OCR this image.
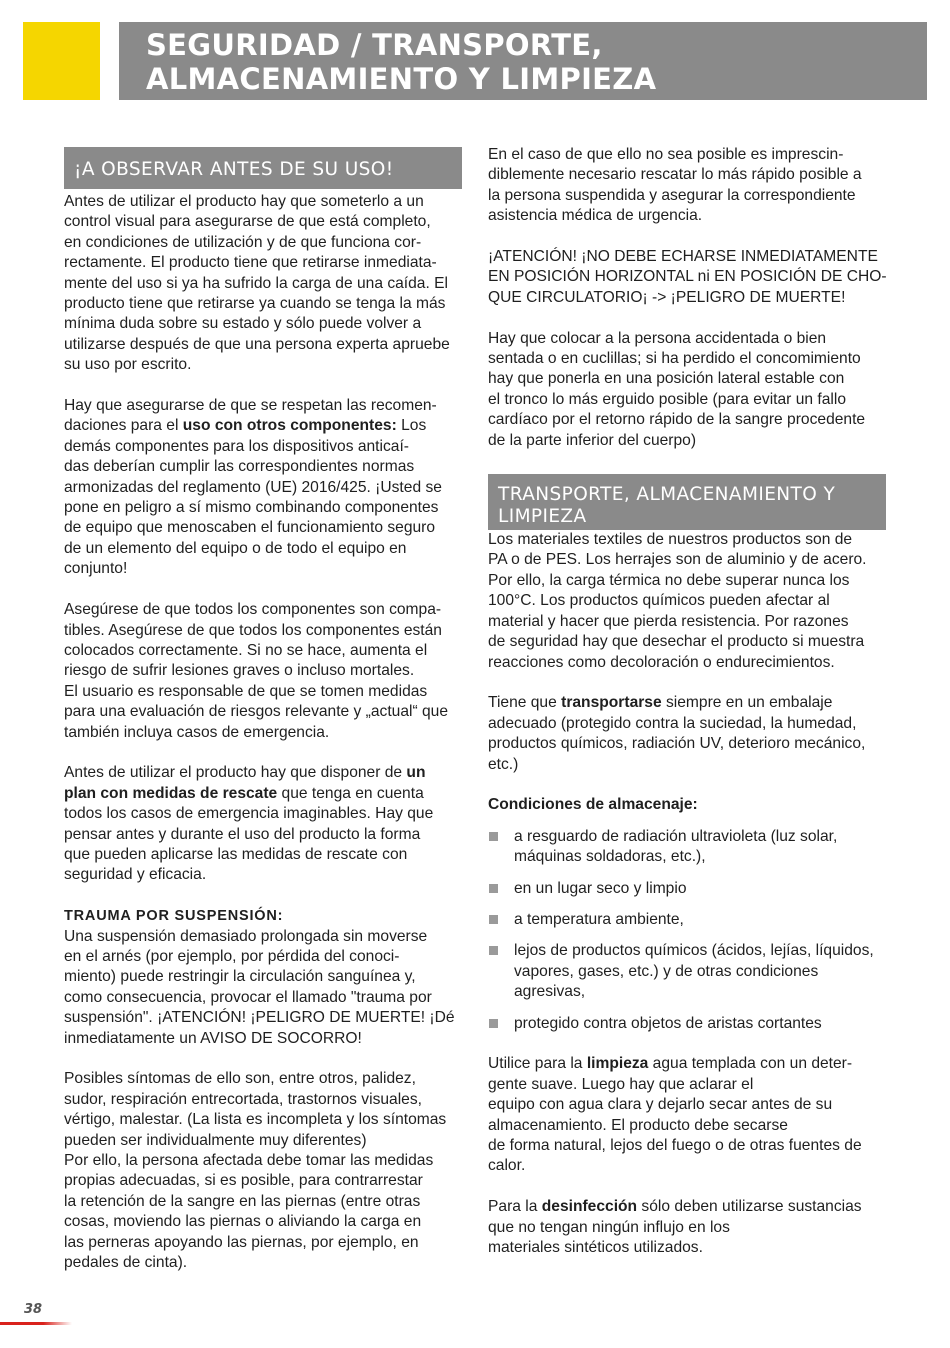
SEGURIDAD / TRANSPORTE,
ALMACENAMIENTO Y LIMPIEZA
¡A OBSERVAR ANTES DE SU USO!

Antes de utilizar el producto hay que someterlo a un

control visual para asegurarse de que está completo,

en condiciones de utilización y de que funciona cor-

rectamente. El producto tiene que retirarse inmediata-

mente del uso si ya ha sufrido la carga de una caída. El

producto tiene que retirarse ya cuando se tenga la más

mínima duda sobre su estado y sólo puede volver a

utilizarse después de que una persona experta apruebe

su uso por escrito.

Hay que asegurarse de que se respetan las recomen-

daciones para el uso con otros componentes: Los

demás componentes para los dispositivos anticaí-

das deberían cumplir las correspondientes normas

armonizadas del reglamento (UE) 2016/425. ¡Usted se

pone en peligro a sí mismo combinando componentes

de equipo que menoscaben el funcionamiento seguro

de un elemento del equipo o de todo el equipo en

conjunto!

Asegúrese de que todos los componentes son compa-

tibles. Asegúrese de que todos los componentes están

colocados correctamente. Si no se hace, aumenta el

riesgo de sufrir lesiones graves o incluso mortales.

El usuario es responsable de que se tomen medidas

para una evaluación de riesgos relevante y „actual“ que

también incluya casos de emergencia.

Antes de utilizar el producto hay que disponer de un

plan con medidas de rescate que tenga en cuenta

todos los casos de emergencia imaginables. Hay que

pensar antes y durante el uso del producto la forma

que pueden aplicarse las medidas de rescate con

seguridad y eficacia.

TRAUMA POR SUSPENSIÓN:

Una suspensión demasiado prolongada sin moverse

en el arnés (por ejemplo, por pérdida del conoci-

miento) puede restringir la circulación sanguínea y,

como consecuencia, provocar el llamado "trauma por

suspensión". ¡ATENCIÓN! ¡PELIGRO DE MUERTE! ¡Dé

inmediatamente un AVISO DE SOCORRO!

Posibles síntomas de ello son, entre otros, palidez,

sudor, respiración entrecortada, trastornos visuales,

vértigo, malestar. (La lista es incompleta y los síntomas

pueden ser individualmente muy diferentes)

Por ello, la persona afectada debe tomar las medidas

propias adecuadas, si es posible, para contrarrestar

la retención de la sangre en las piernas (entre otras

cosas, moviendo las piernas o aliviando la carga en

las perneras apoyando las piernas, por ejemplo, en

pedales de cinta).

En el caso de que ello no sea posible es imprescin-

diblemente necesario rescatar lo más rápido posible a

la persona suspendida y asegurar la correspondiente

asistencia médica de urgencia.

¡ATENCIÓN! ¡NO DEBE ECHARSE INMEDIATAMENTE

EN POSICIÓN HORIZONTAL ni EN POSICIÓN DE CHO-

QUE CIRCULATORIO¡ -> ¡PELIGRO DE MUERTE!

Hay que colocar a la persona accidentada o bien

sentada o en cuclillas; si ha perdido el concomimiento

hay que ponerla en una posición lateral estable con

el tronco lo más erguido posible (para evitar un fallo

cardíaco por el retorno rápido de la sangre procedente

de la parte inferior del cuerpo)

TRANSPORTE, ALMACENAMIENTO Y
LIMPIEZA

Los materiales textiles de nuestros productos son de

PA o de PES. Los herrajes son de aluminio y de acero.

Por ello, la carga térmica no debe superar nunca los

100°C. Los productos químicos pueden afectar al

material y hacer que pierda resistencia. Por razones

de seguridad hay que desechar el producto si muestra

reacciones como decoloración o endurecimientos.

Tiene que transportarse siempre en un embalaje

adecuado (protegido contra la suciedad, la humedad,

productos químicos, radiación UV, deterioro mecánico,

etc.)

Condiciones de almacenaje:

a resguardo de radiación ultravioleta (luz solar,
máquinas soldadoras, etc.),
en un lugar seco y limpio
a temperatura ambiente,
lejos de productos químicos (ácidos, lejías, líquidos,
vapores, gases, etc.) y de otras condiciones
agresivas,
protegido contra objetos de aristas cortantes

Utilice para la limpieza agua templada con un deter-

gente suave. Luego hay que aclarar el

equipo con agua clara y dejarlo secar antes de su

almacenamiento. El producto debe secarse

de forma natural, lejos del fuego o de otras fuentes de

calor.

Para la desinfección sólo deben utilizarse sustancias

que no tengan ningún influjo en los

materiales sintéticos utilizados.

38
